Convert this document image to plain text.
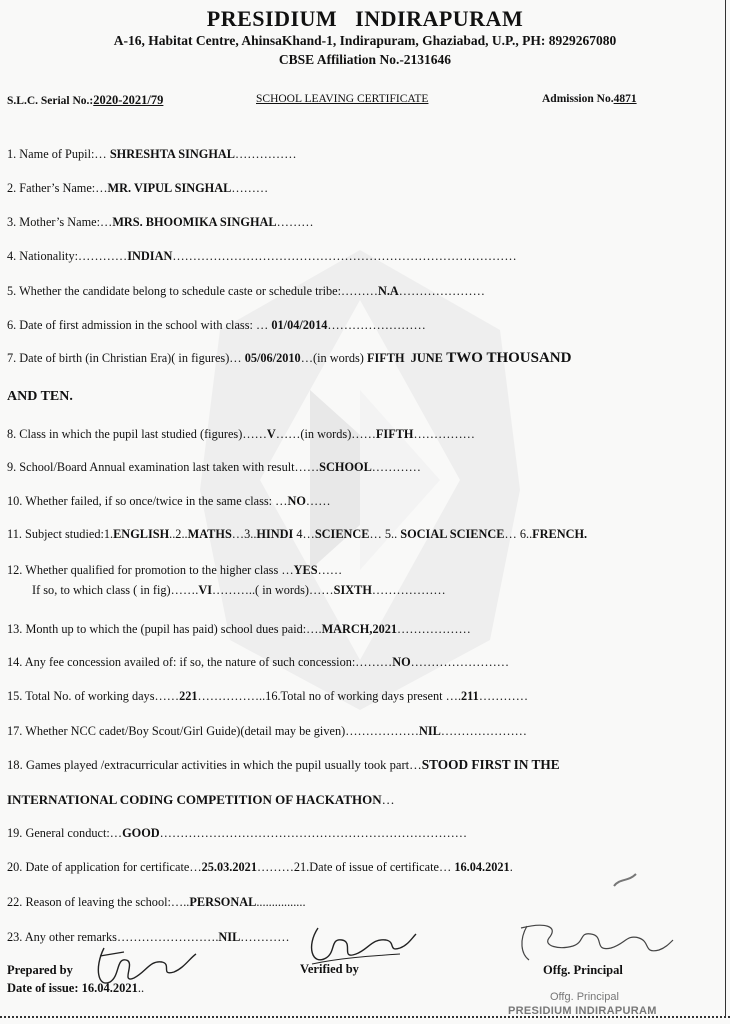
PRESIDIUM   INDIRAPURAM
A-16, Habitat Centre, AhinsaKhand-1, Indirapuram, Ghaziabad, U.P., PH: 8929267080
CBSE Affiliation No.-2131646
S.L.C. Serial No.:2020-2021/79	SCHOOL LEAVING CERTIFICATE	Admission No.4871
1. Name of Pupil:… SHRESHTA SINGHAL……………
2. Father’s Name:…MR. VIPUL SINGHAL………
3. Mother’s Name:…MRS. BHOOMIKA SINGHAL………
4. Nationality:…………INDIAN…………………………………………………………………………
5. Whether the candidate belong to schedule caste or schedule tribe:………N.A…………………
6. Date of first admission in the school with class: … 01/04/2014……………………
7. Date of birth (in Christian Era)( in figures)… 05/06/2010…(in words) FIFTH  JUNE TWO THOUSAND
AND TEN.
8. Class in which the pupil last studied (figures)……V……(in words)……FIFTH……………
9. School/Board Annual examination last taken with result……SCHOOL…………
10. Whether failed, if so once/twice in the same class: …NO……
11. Subject studied:1.ENGLISH..2..MATHS…3..HINDI 4…SCIENCE… 5.. SOCIAL SCIENCE… 6..FRENCH.
12. Whether qualified for promotion to the higher class …YES……
If so, to which class ( in fig)…….VI………..( in words)……SIXTH………………
13. Month up to which the (pupil has paid) school dues paid:….MARCH,2021………………
14. Any fee concession availed of: if so, the nature of such concession:………NO……………………
15. Total No. of working days……221……………..16.Total no of working days present ….211…………
17. Whether NCC cadet/Boy Scout/Girl Guide)(detail may be given)………………NIL…………………
18. Games played /extracurricular activities in which the pupil usually took part…STOOD FIRST IN THE
INTERNATIONAL CODING COMPETITION OF HACKATHON…
19. General conduct:…GOOD…………………………………………………………………
20. Date of application for certificate…25.03.2021………21.Date of issue of certificate… 16.04.2021.
22. Reason of leaving the school:…..PERSONAL................
23. Any other remarks…………………….NIL…………
Prepared by
Date of issue: 16.04.2021..
Verified by	Offg. Principal
Offg. Principal
PRESIDIUM INDIRAPURAM
